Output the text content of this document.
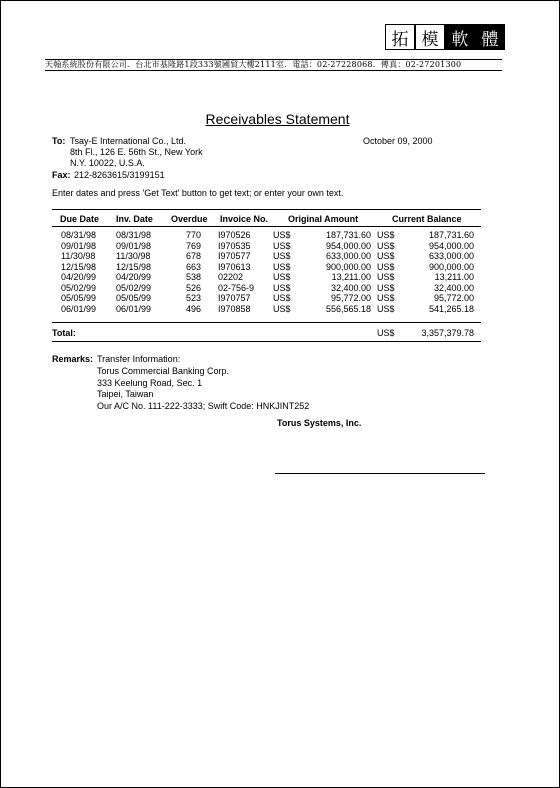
拓 模 軟 體
天翰系統股份有限公司．台北市基隆路1段333號國貿大樓2111室．電話：02-27228068．傳真：02-27201300
Receivables Statement
To: Tsay-E International Co., Ltd.	October 09, 2000
8th Fl., 126 E. 56th St., New York
N.Y. 10022, U.S.A.
Fax: 212-8263615/3199151
Enter dates and press 'Get Text' button to get text; or enter your own text.
Due Date Inv. Date Overdue Invoice No. Original Amount	Current Balance
08/31/98 08/31/98	770 I970526 US$	187,731.60 US$	187,731.60
09/01/98 09/01/98	769 I970535 US$	954,000.00 US$	954,000.00
11/30/98 11/30/98	678 I970577 US$	633,000.00 US$	633,000.00
12/15/98 12/15/98	663 I970613 US$	900,000.00 US$	900,000.00
04/20/99 04/20/99	538 02202	US$	13,211.00 US$	13,211.00
05/02/99 05/02/99	526 02-756-9 US$	32,400.00 US$	32,400.00
05/05/99 05/05/99	523 I970757 US$	95,772.00 US$	95,772.00
06/01/99 06/01/99	496 I970858 US$	556,565.18 US$	541,265.18
Total:	US$	3,357,379.78
Remarks: Transfer Information:
Torus Commercial Banking Corp.
333 Keelung Road, Sec. 1
Taipei, Taiwan
Our A/C No. 111-222-3333; Swift Code: HNKJINT252
Torus Systems, Inc.
